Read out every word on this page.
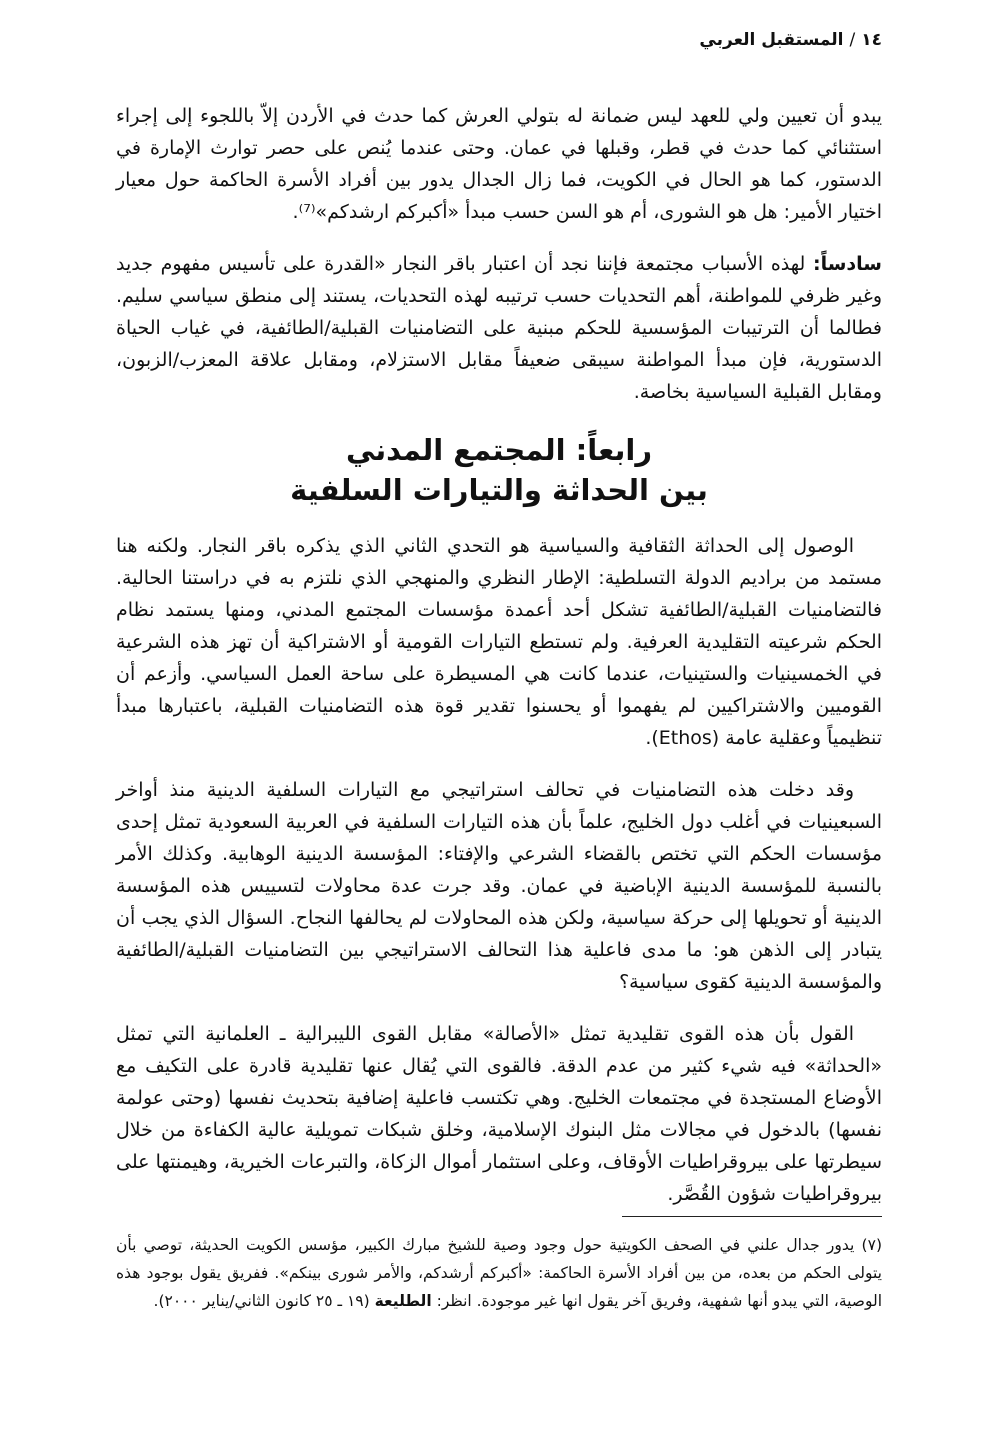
١٤/المستقبل العربي

يبدو أن تعيين ولي للعهد ليس ضمانة له بتولي العرش كما حدث في الأردن إلاّ باللجوء إلى إجراء استثنائي كما حدث في قطر، وقبلها في عمان. وحتى عندما يُنص على حصر توارث الإمارة في الدستور، كما هو الحال في الكويت، فما زال الجدال يدور بين أفراد الأسرة الحاكمة حول معيار اختيار الأمير: هل هو الشورى، أم هو السن حسب مبدأ «أكبركم ارشدكم»⁽⁷⁾.

سادساً: لهذه الأسباب مجتمعة فإننا نجد أن اعتبار باقر النجار «القدرة على تأسيس مفهوم جديد وغير ظرفي للمواطنة، أهم التحديات حسب ترتيبه لهذه التحديات، يستند إلى منطق سياسي سليم. فطالما أن الترتيبات المؤسسية للحكم مبنية على التضامنيات القبلية/الطائفية، في غياب الحياة الدستورية، فإن مبدأ المواطنة سيبقى ضعيفاً مقابل الاستزلام، ومقابل علاقة المعزب/الزبون، ومقابل القبلية السياسية بخاصة.

رابعاً: المجتمع المدني
بين الحداثة والتيارات السلفية

الوصول إلى الحداثة الثقافية والسياسية هو التحدي الثاني الذي يذكره باقر النجار. ولكنه هنا مستمد من براديم الدولة التسلطية: الإطار النظري والمنهجي الذي نلتزم به في دراستنا الحالية. فالتضامنيات القبلية/الطائفية تشكل أحد أعمدة مؤسسات المجتمع المدني، ومنها يستمد نظام الحكم شرعيته التقليدية العرفية. ولم تستطع التيارات القومية أو الاشتراكية أن تهز هذه الشرعية في الخمسينيات والستينيات، عندما كانت هي المسيطرة على ساحة العمل السياسي. وأزعم أن القوميين والاشتراكيين لم يفهموا أو يحسنوا تقدير قوة هذه التضامنيات القبلية، باعتبارها مبدأ تنظيمياً وعقلية عامة (Ethos).

وقد دخلت هذه التضامنيات في تحالف استراتيجي مع التيارات السلفية الدينية منذ أواخر السبعينيات في أغلب دول الخليج، علماً بأن هذه التيارات السلفية في العربية السعودية تمثل إحدى مؤسسات الحكم التي تختص بالقضاء الشرعي والإفتاء: المؤسسة الدينية الوهابية. وكذلك الأمر بالنسبة للمؤسسة الدينية الإباضية في عمان. وقد جرت عدة محاولات لتسييس هذه المؤسسة الدينية أو تحويلها إلى حركة سياسية، ولكن هذه المحاولات لم يحالفها النجاح. السؤال الذي يجب أن يتبادر إلى الذهن هو: ما مدى فاعلية هذا التحالف الاستراتيجي بين التضامنيات القبلية/الطائفية والمؤسسة الدينية كقوى سياسية؟

القول بأن هذه القوى تقليدية تمثل «الأصالة» مقابل القوى الليبرالية ـ العلمانية التي تمثل «الحداثة» فيه شيء كثير من عدم الدقة. فالقوى التي يُقال عنها تقليدية قادرة على التكيف مع الأوضاع المستجدة في مجتمعات الخليج. وهي تكتسب فاعلية إضافية بتحديث نفسها (وحتى عولمة نفسها) بالدخول في مجالات مثل البنوك الإسلامية، وخلق شبكات تمويلية عالية الكفاءة من خلال سيطرتها على بيروقراطيات الأوقاف، وعلى استثمار أموال الزكاة، والتبرعات الخيرية، وهيمنتها على بيروقراطيات شؤون القُصَّر.

(٧) يدور جدال علني في الصحف الكويتية حول وجود وصية للشيخ مبارك الكبير، مؤسس الكويت الحديثة، توصي بأن يتولى الحكم من بعده، من بين أفراد الأسرة الحاكمة: «أكبركم أرشدكم، والأمر شورى بينكم». ففريق يقول بوجود هذه الوصية، التي يبدو أنها شفهية، وفريق آخر يقول انها غير موجودة. انظر: الطليعة (١٩ ـ ٢٥ كانون الثاني/يناير ٢٠٠٠).
